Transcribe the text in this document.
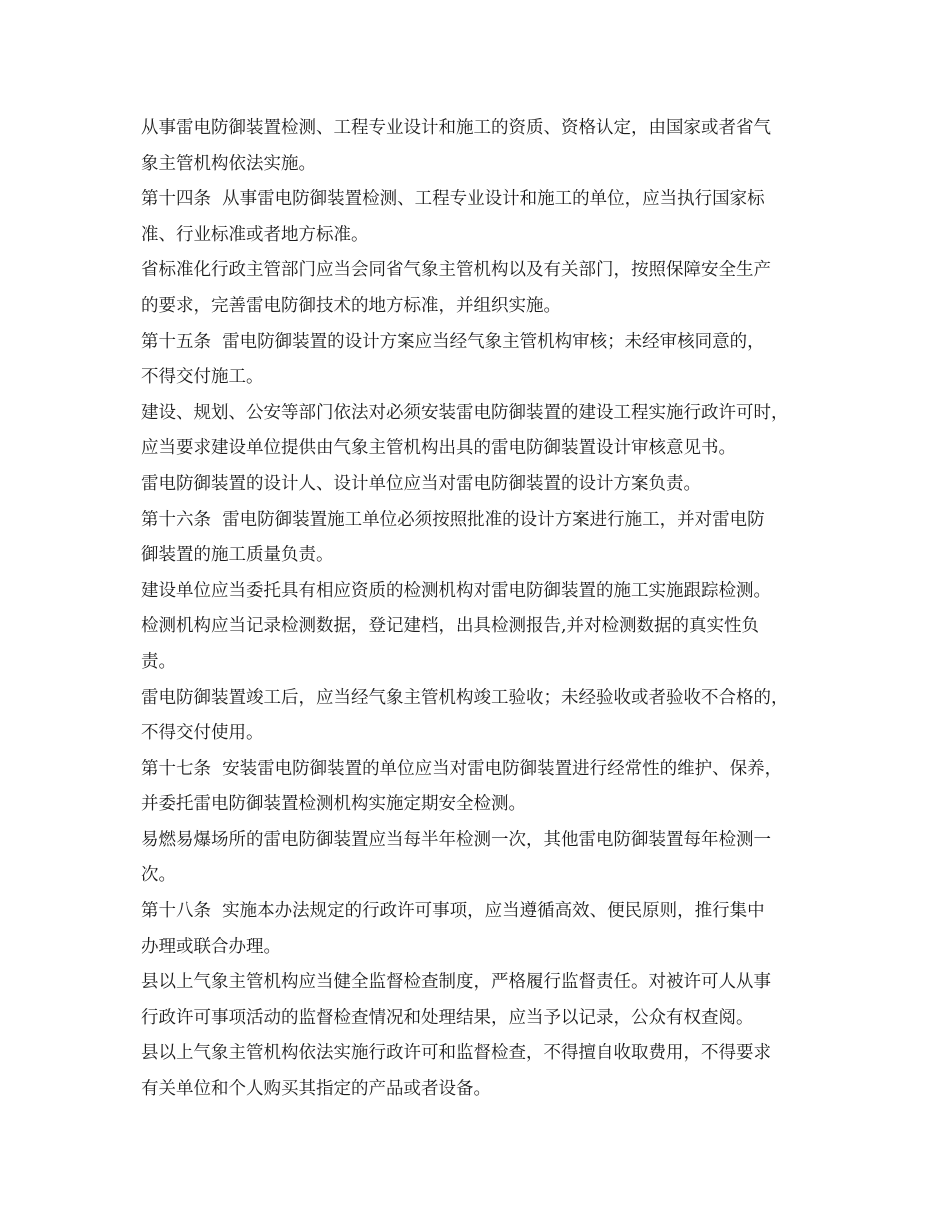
从事雷电防御装置检测、工程专业设计和施工的资质、资格认定，由国家或者省气
象主管机构依法实施。

第十四条  从事雷电防御装置检测、工程专业设计和施工的单位，应当执行国家标
准、行业标准或者地方标准。

省标准化行政主管部门应当会同省气象主管机构以及有关部门，按照保障安全生产
的要求，完善雷电防御技术的地方标准，并组织实施。

第十五条  雷电防御装置的设计方案应当经气象主管机构审核；未经审核同意的，
不得交付施工。

建设、规划、公安等部门依法对必须安装雷电防御装置的建设工程实施行政许可时，
应当要求建设单位提供由气象主管机构出具的雷电防御装置设计审核意见书。

雷电防御装置的设计人、设计单位应当对雷电防御装置的设计方案负责。

第十六条  雷电防御装置施工单位必须按照批准的设计方案进行施工，并对雷电防
御装置的施工质量负责。

建设单位应当委托具有相应资质的检测机构对雷电防御装置的施工实施跟踪检测。

检测机构应当记录检测数据，登记建档，出具检测报告,并对检测数据的真实性负
责。

雷电防御装置竣工后，应当经气象主管机构竣工验收；未经验收或者验收不合格的，
不得交付使用。

第十七条  安装雷电防御装置的单位应当对雷电防御装置进行经常性的维护、保养，
并委托雷电防御装置检测机构实施定期安全检测。

易燃易爆场所的雷电防御装置应当每半年检测一次，其他雷电防御装置每年检测一
次。

第十八条  实施本办法规定的行政许可事项，应当遵循高效、便民原则，推行集中
办理或联合办理。

县以上气象主管机构应当健全监督检查制度，严格履行监督责任。对被许可人从事
行政许可事项活动的监督检查情况和处理结果，应当予以记录，公众有权查阅。

县以上气象主管机构依法实施行政许可和监督检查，不得擅自收取费用，不得要求
有关单位和个人购买其指定的产品或者设备。
